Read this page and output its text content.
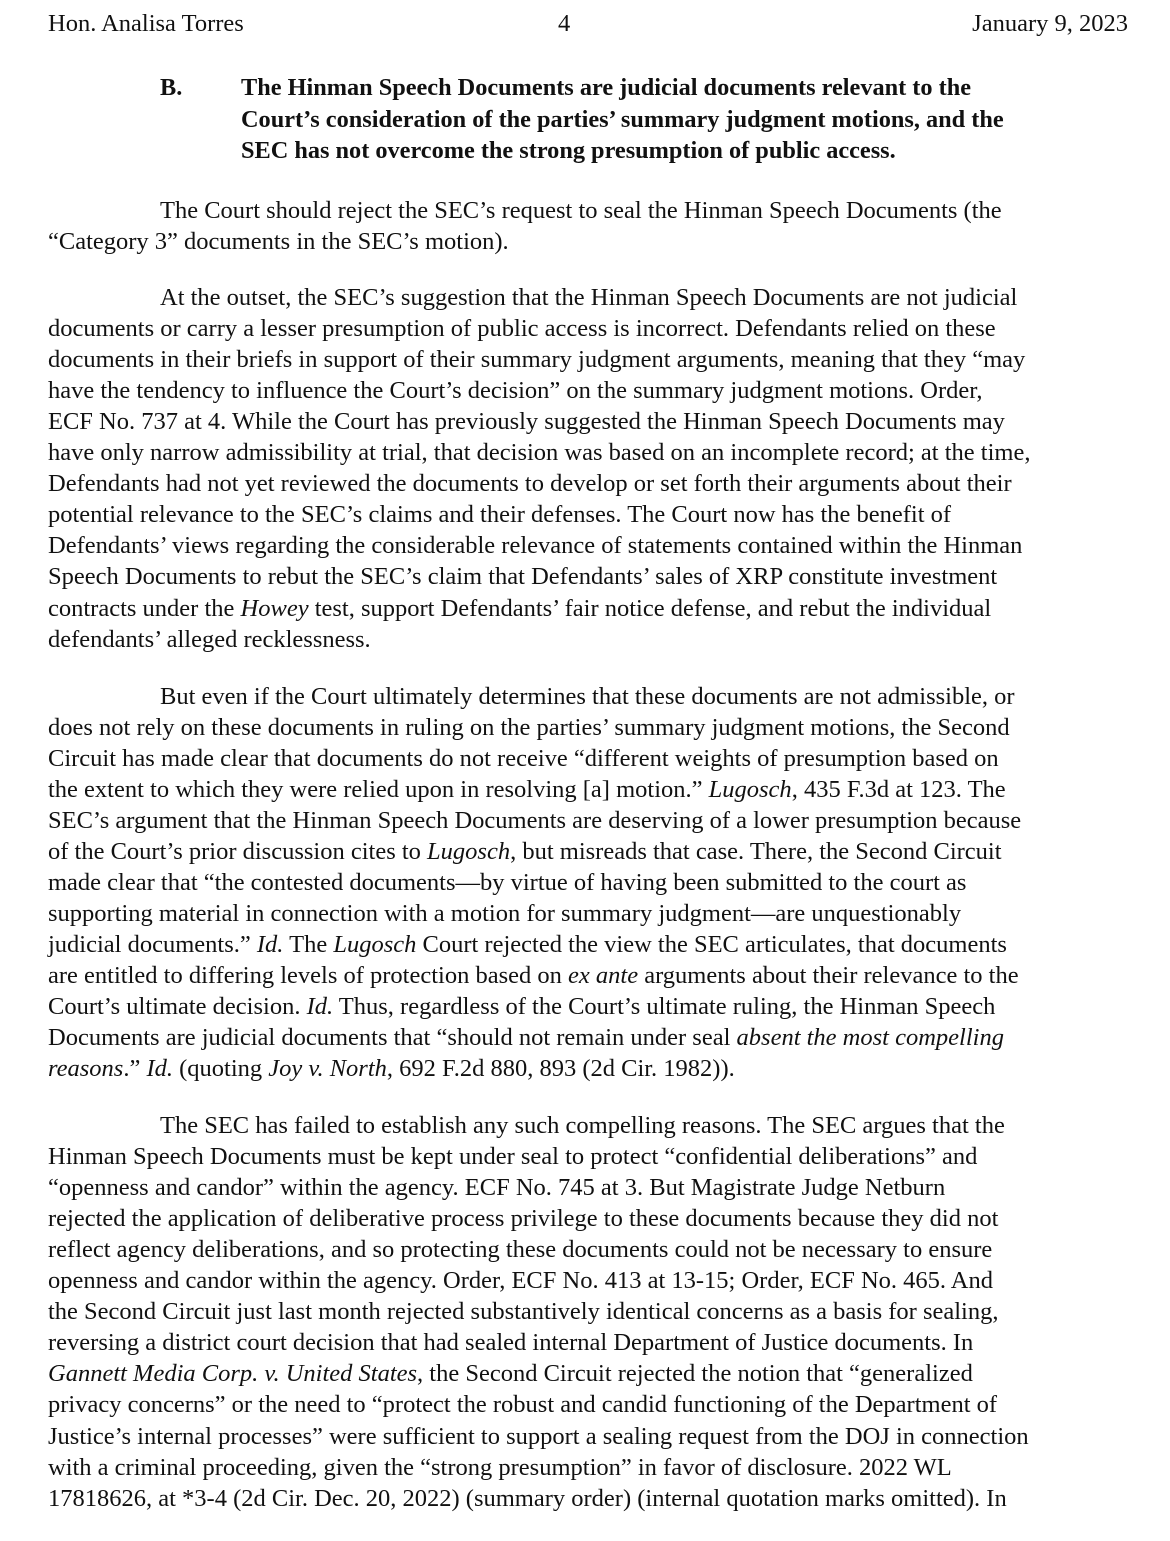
Hon. Analisa Torres	4	January 9, 2023
B. The Hinman Speech Documents are judicial documents relevant to the
Court’s consideration of the parties’ summary judgment motions, and the
SEC has not overcome the strong presumption of public access.
The Court should reject the SEC’s request to seal the Hinman Speech Documents (the
“Category 3” documents in the SEC’s motion).
At the outset, the SEC’s suggestion that the Hinman Speech Documents are not judicial
documents or carry a lesser presumption of public access is incorrect. Defendants relied on these
documents in their briefs in support of their summary judgment arguments, meaning that they “may
have the tendency to influence the Court’s decision” on the summary judgment motions. Order,
ECF No. 737 at 4. While the Court has previously suggested the Hinman Speech Documents may
have only narrow admissibility at trial, that decision was based on an incomplete record; at the time,
Defendants had not yet reviewed the documents to develop or set forth their arguments about their
potential relevance to the SEC’s claims and their defenses. The Court now has the benefit of
Defendants’ views regarding the considerable relevance of statements contained within the Hinman
Speech Documents to rebut the SEC’s claim that Defendants’ sales of XRP constitute investment
contracts under the Howey test, support Defendants’ fair notice defense, and rebut the individual
defendants’ alleged recklessness.
But even if the Court ultimately determines that these documents are not admissible, or
does not rely on these documents in ruling on the parties’ summary judgment motions, the Second
Circuit has made clear that documents do not receive “different weights of presumption based on
the extent to which they were relied upon in resolving [a] motion.” Lugosch, 435 F.3d at 123. The
SEC’s argument that the Hinman Speech Documents are deserving of a lower presumption because
of the Court’s prior discussion cites to Lugosch, but misreads that case. There, the Second Circuit
made clear that “the contested documents—by virtue of having been submitted to the court as
supporting material in connection with a motion for summary judgment—are unquestionably
judicial documents.” Id. The Lugosch Court rejected the view the SEC articulates, that documents
are entitled to differing levels of protection based on ex ante arguments about their relevance to the
Court’s ultimate decision. Id. Thus, regardless of the Court’s ultimate ruling, the Hinman Speech
Documents are judicial documents that “should not remain under seal absent the most compelling
reasons.” Id. (quoting Joy v. North, 692 F.2d 880, 893 (2d Cir. 1982)).
The SEC has failed to establish any such compelling reasons. The SEC argues that the
Hinman Speech Documents must be kept under seal to protect “confidential deliberations” and
“openness and candor” within the agency. ECF No. 745 at 3. But Magistrate Judge Netburn
rejected the application of deliberative process privilege to these documents because they did not
reflect agency deliberations, and so protecting these documents could not be necessary to ensure
openness and candor within the agency. Order, ECF No. 413 at 13-15; Order, ECF No. 465. And
the Second Circuit just last month rejected substantively identical concerns as a basis for sealing,
reversing a district court decision that had sealed internal Department of Justice documents. In
Gannett Media Corp. v. United States, the Second Circuit rejected the notion that “generalized
privacy concerns” or the need to “protect the robust and candid functioning of the Department of
Justice’s internal processes” were sufficient to support a sealing request from the DOJ in connection
with a criminal proceeding, given the “strong presumption” in favor of disclosure. 2022 WL
17818626, at *3-4 (2d Cir. Dec. 20, 2022) (summary order) (internal quotation marks omitted). In
